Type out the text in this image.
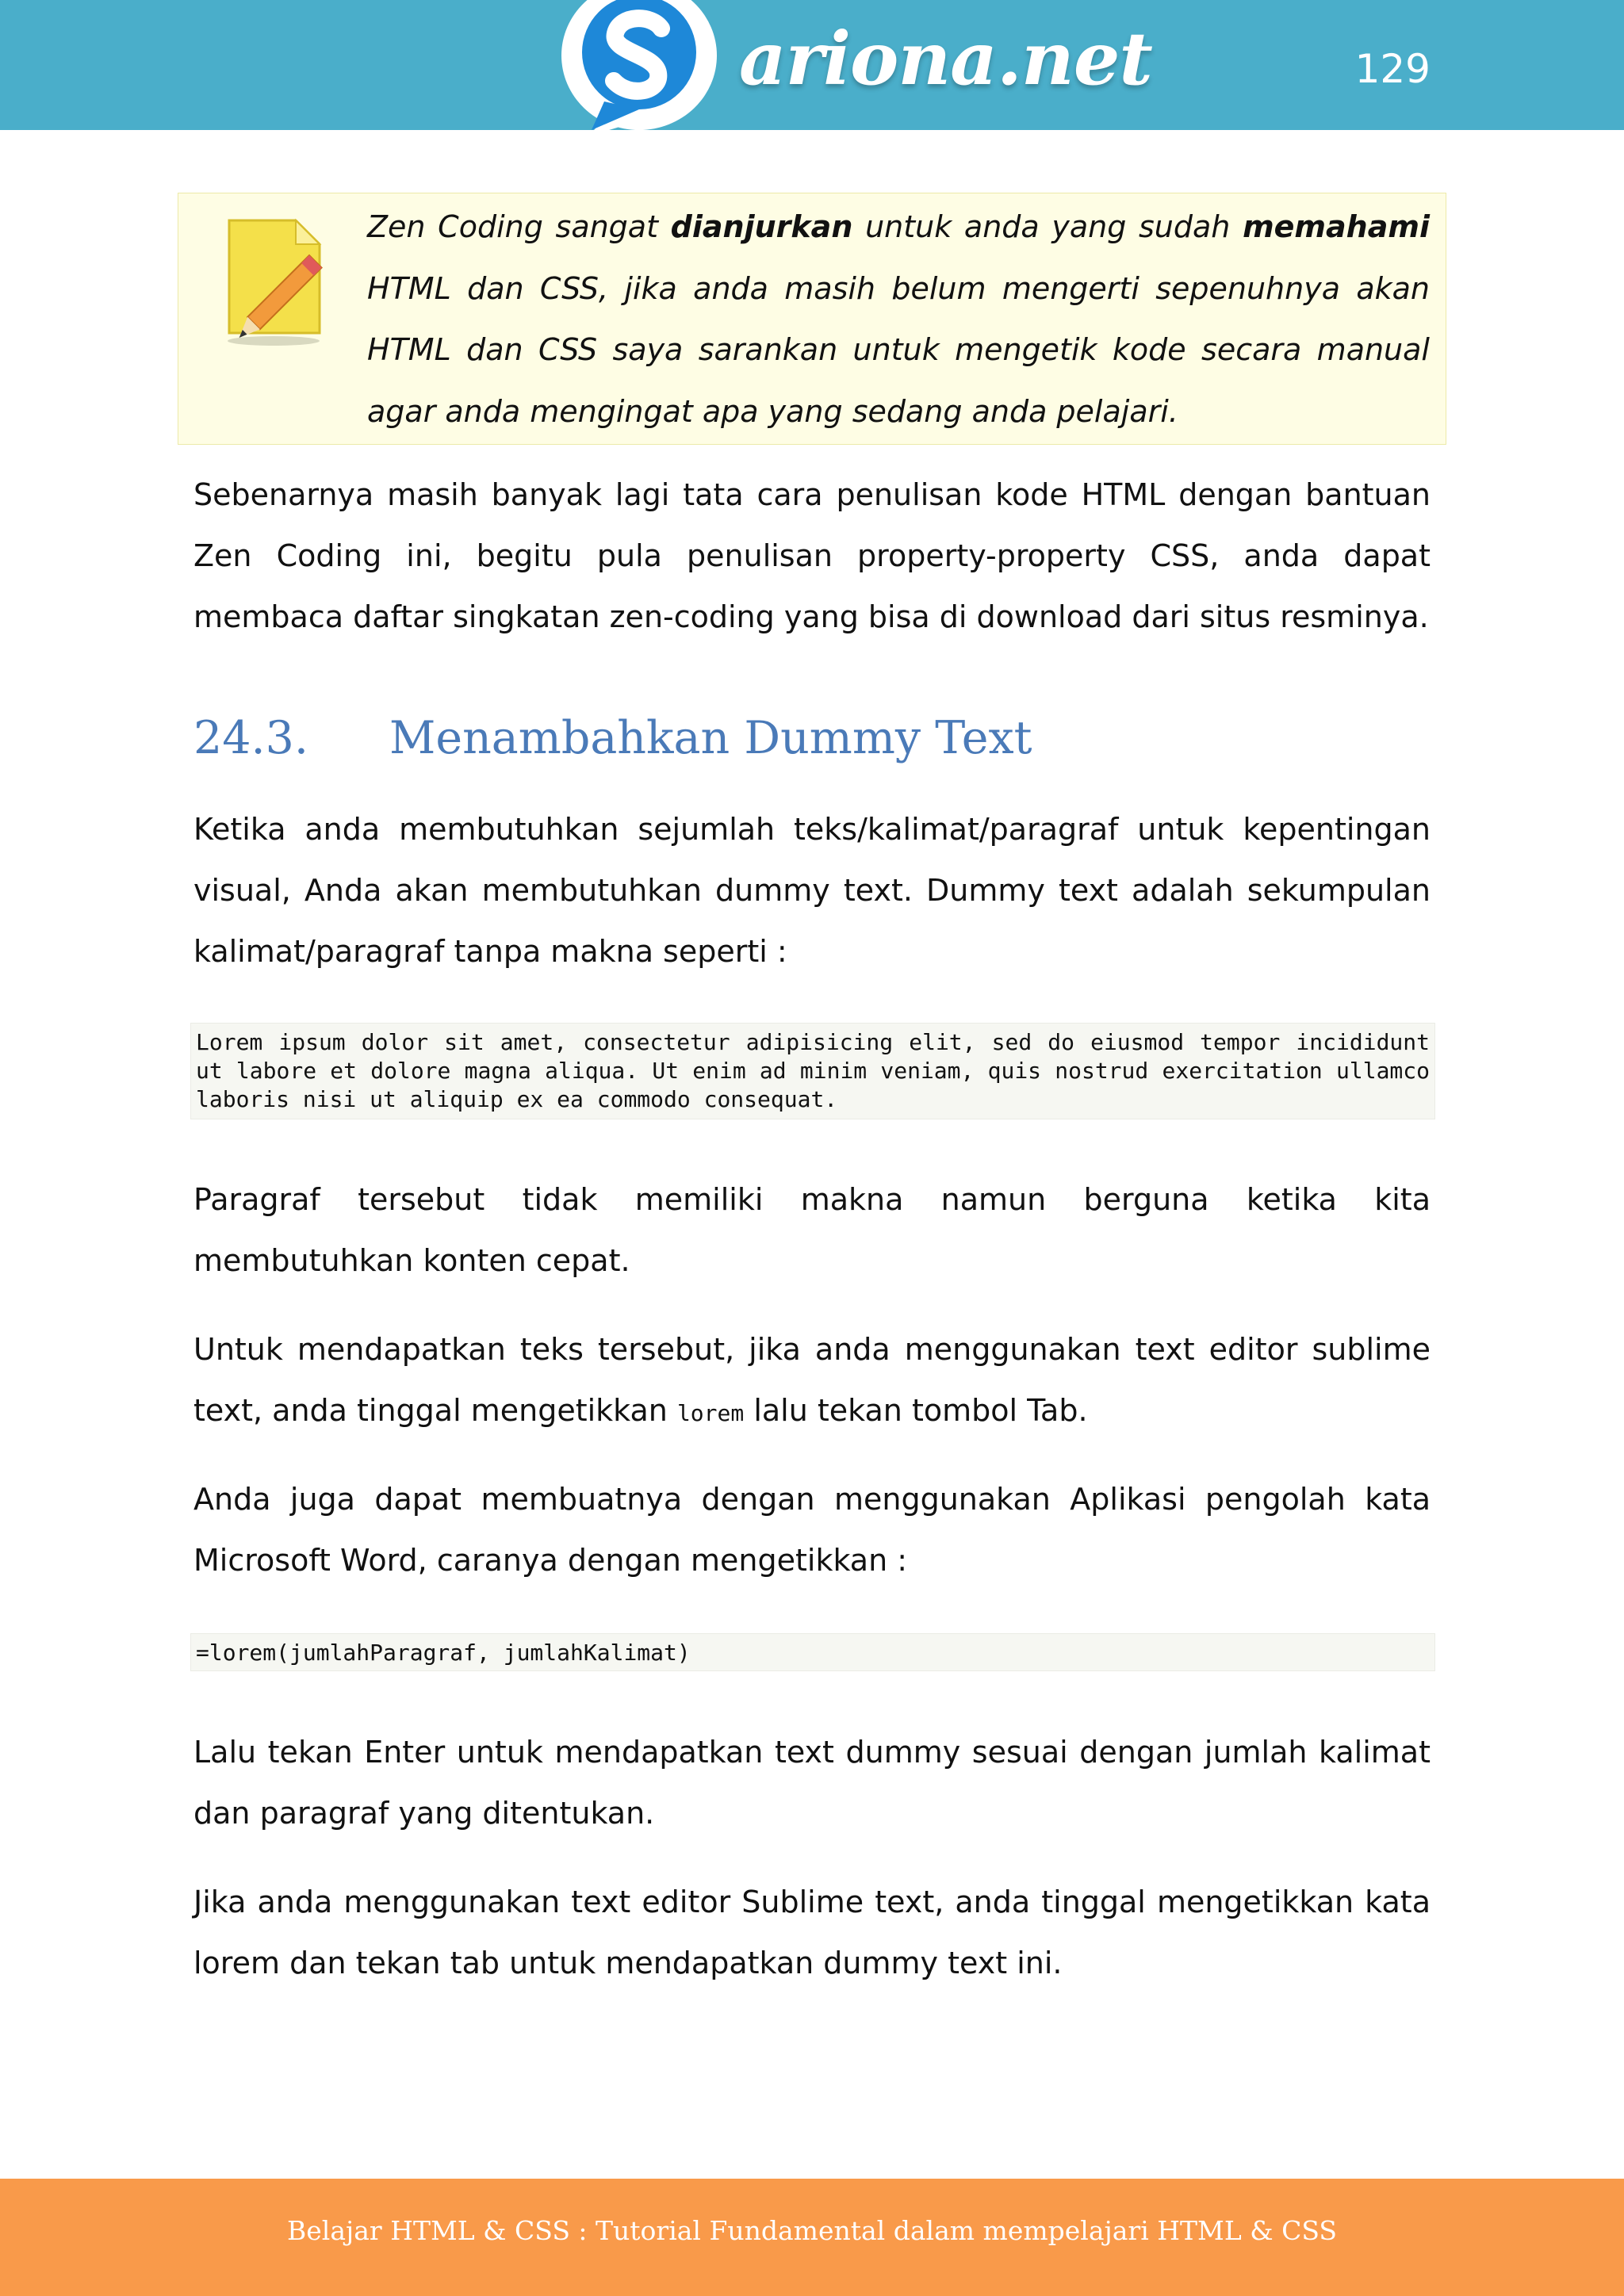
ariona.net	129

Zen Coding sangat dianjurkan untuk anda yang sudah memahami HTML dan CSS, jika anda masih belum mengerti sepenuhnya akan HTML dan CSS saya sarankan untuk mengetik kode secara manual agar anda mengingat apa yang sedang anda pelajari.

Sebenarnya masih banyak lagi tata cara penulisan kode HTML dengan bantuan Zen Coding ini, begitu pula penulisan property-property CSS, anda dapat membaca daftar singkatan zen-coding yang bisa di download dari situs resminya.

24.3. Menambahkan Dummy Text

Ketika anda membutuhkan sejumlah teks/kalimat/paragraf untuk kepentingan visual, Anda akan membutuhkan dummy text. Dummy text adalah sekumpulan kalimat/paragraf tanpa makna seperti :

Lorem ipsum dolor sit amet, consectetur adipisicing elit, sed do eiusmod tempor incididunt ut labore et dolore magna aliqua. Ut enim ad minim veniam, quis nostrud exercitation ullamco laboris nisi ut aliquip ex ea commodo consequat.

Paragraf tersebut tidak memiliki makna namun berguna ketika kita membutuhkan konten cepat.

Untuk mendapatkan teks tersebut, jika anda menggunakan text editor sublime text, anda tinggal mengetikkan lorem lalu tekan tombol Tab.

Anda juga dapat membuatnya dengan menggunakan Aplikasi pengolah kata Microsoft Word, caranya dengan mengetikkan :

=lorem(jumlahParagraf, jumlahKalimat)

Lalu tekan Enter untuk mendapatkan text dummy sesuai dengan jumlah kalimat dan paragraf yang ditentukan.

Jika anda menggunakan text editor Sublime text, anda tinggal mengetikkan kata lorem dan tekan tab untuk mendapatkan dummy text ini.

Belajar HTML & CSS : Tutorial Fundamental dalam mempelajari HTML & CSS
